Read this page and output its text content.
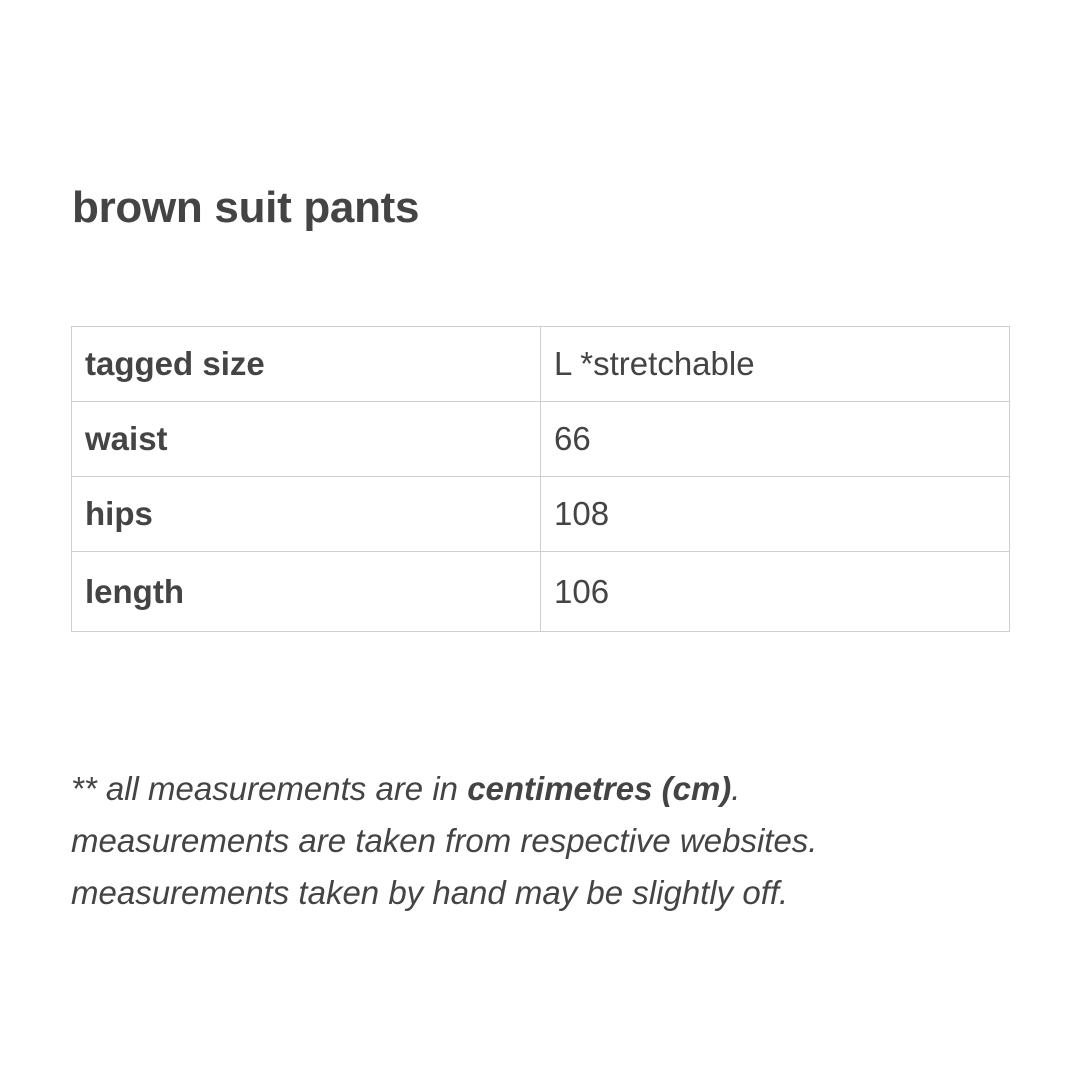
brown suit pants
tagged size	L *stretchable
waist	66
hips	108
length	106

** all measurements are in centimetres (cm).
measurements are taken from respective websites.
measurements taken by hand may be slightly off.
